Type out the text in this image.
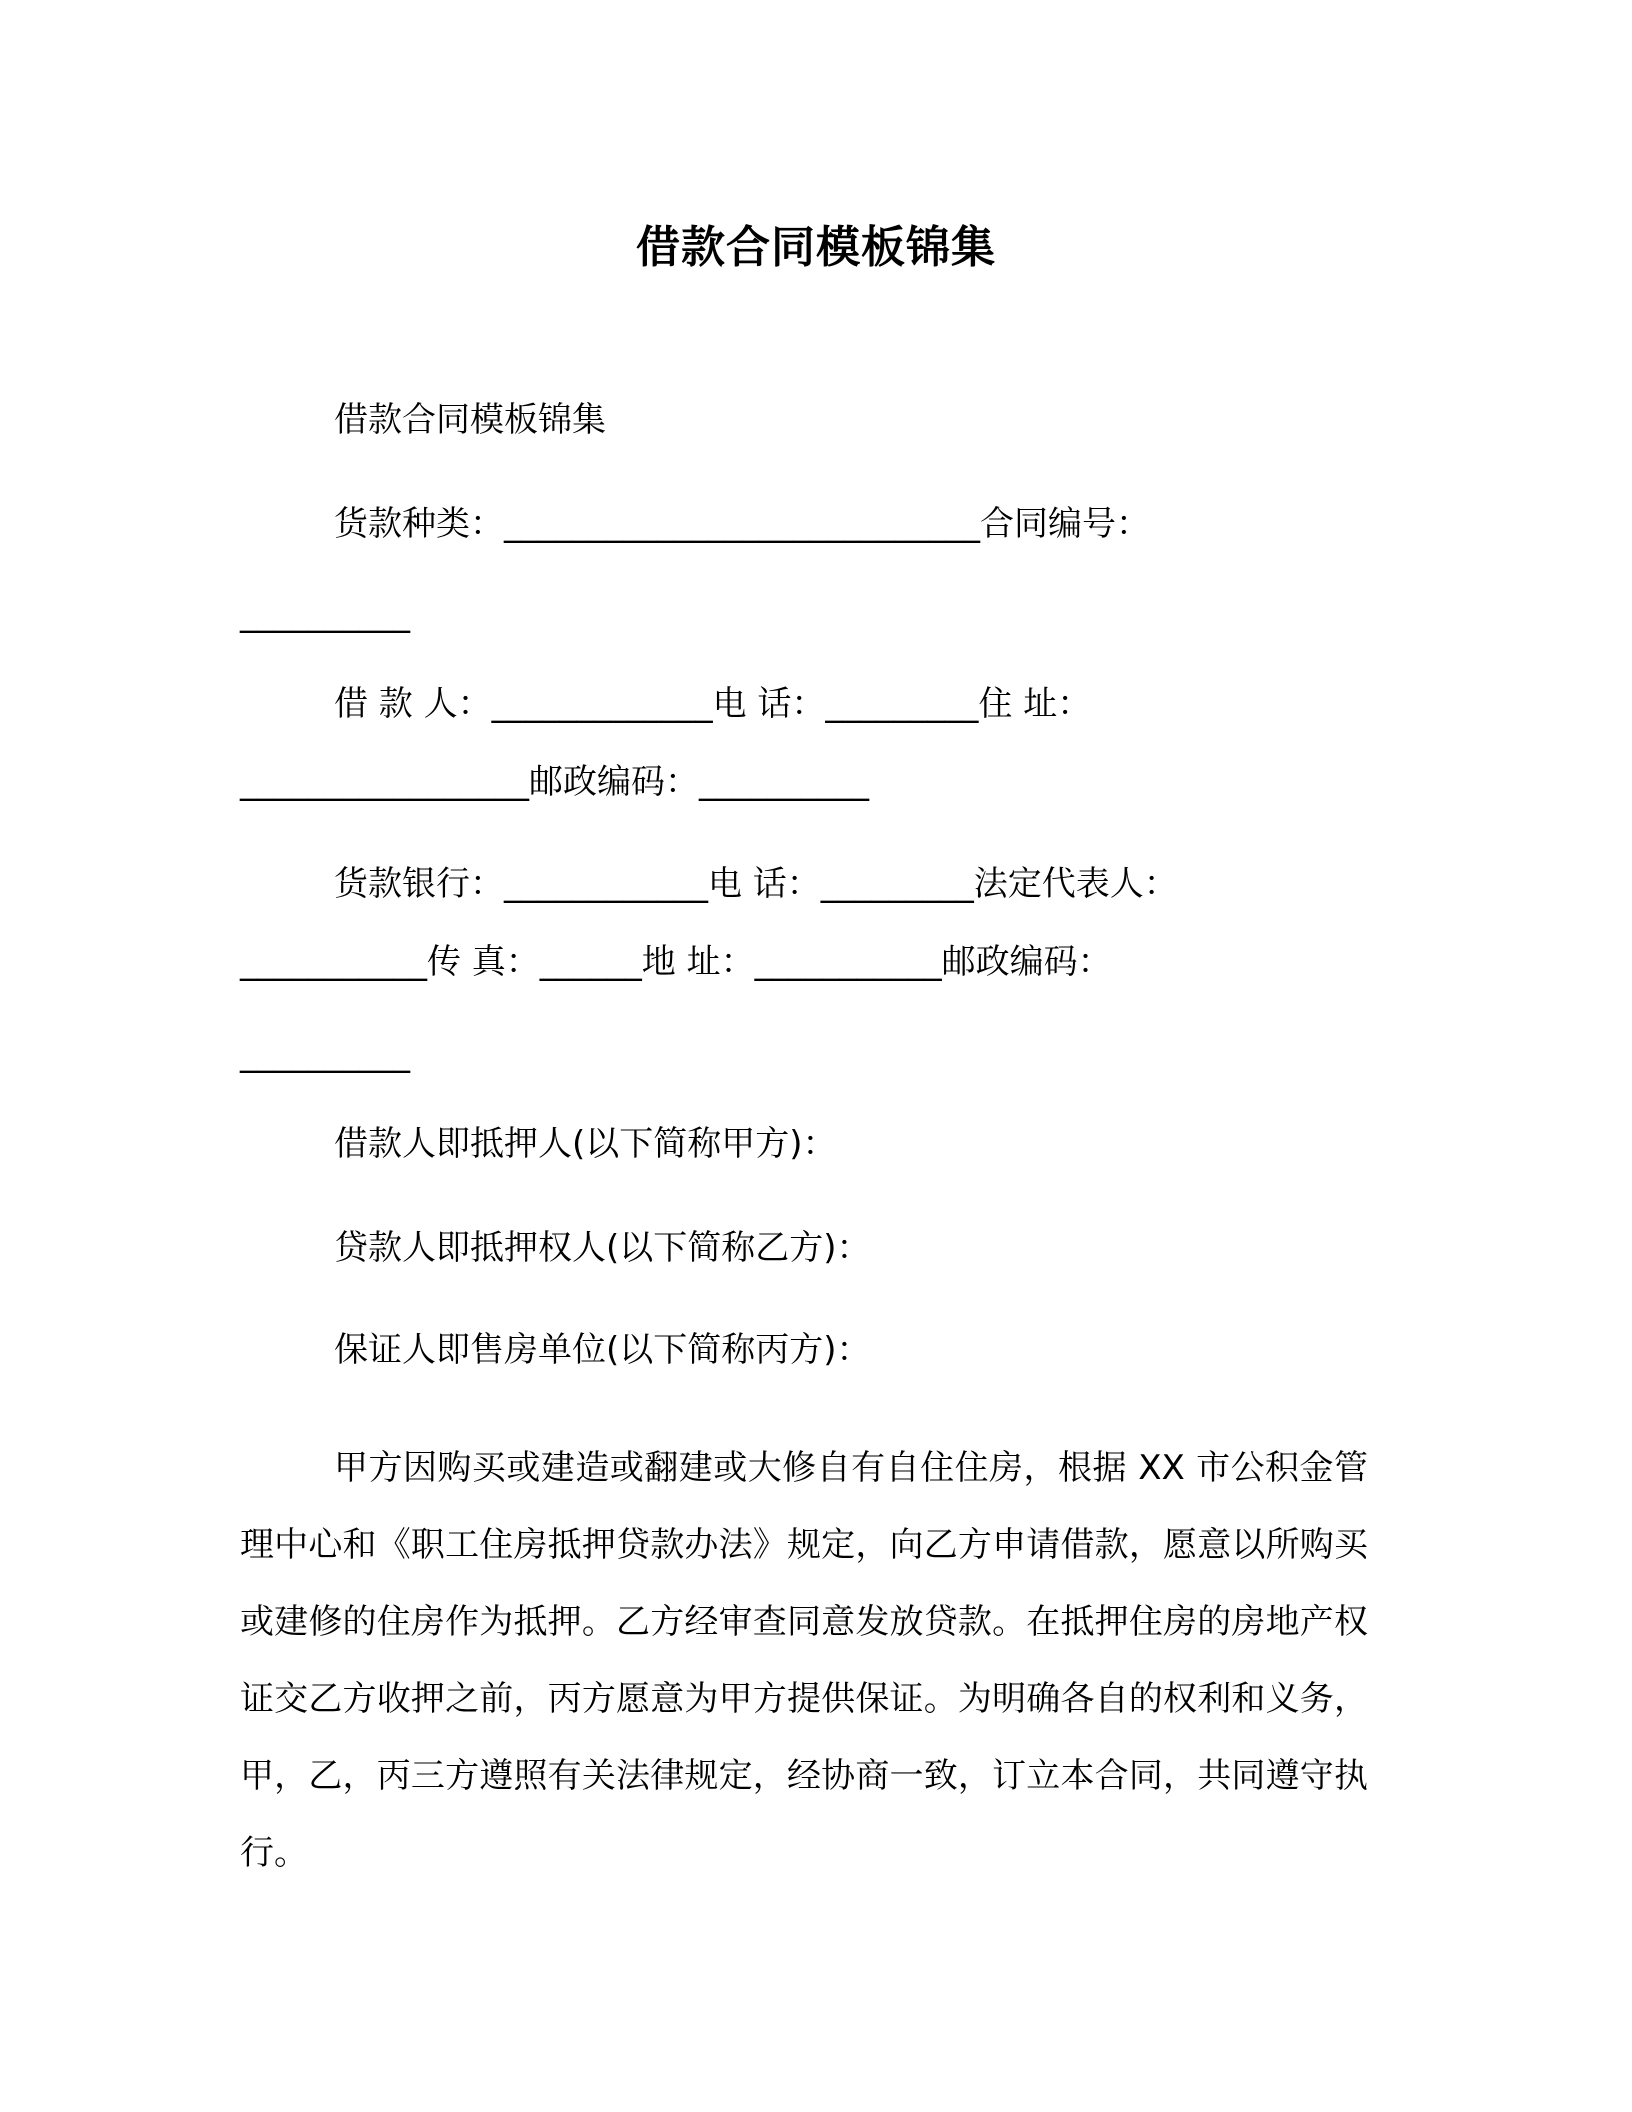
借款合同模板锦集
借款合同模板锦集
货款种类：____________________________合同编号：
__________
借 款 人：_____________电 话：_________住 址：
_________________邮政编码：__________
货款银行：____________电 话：_________法定代表人：
___________传 真：______地 址：___________邮政编码：
__________
借款人即抵押人(以下简称甲方)：
贷款人即抵押权人(以下简称乙方)：
保证人即售房单位(以下简称丙方)：
甲方因购买或建造或翻建或大修自有自住住房，根据 XX 市公积金管理中心和《职工住房抵押贷款办法》规定，向乙方申请借款，愿意以所购买或建修的住房作为抵押。乙方经审查同意发放贷款。在抵押住房的房地产权证交乙方收押之前，丙方愿意为甲方提供保证。为明确各自的权利和义务，甲，乙，丙三方遵照有关法律规定，经协商一致，订立本合同，共同遵守执行。
